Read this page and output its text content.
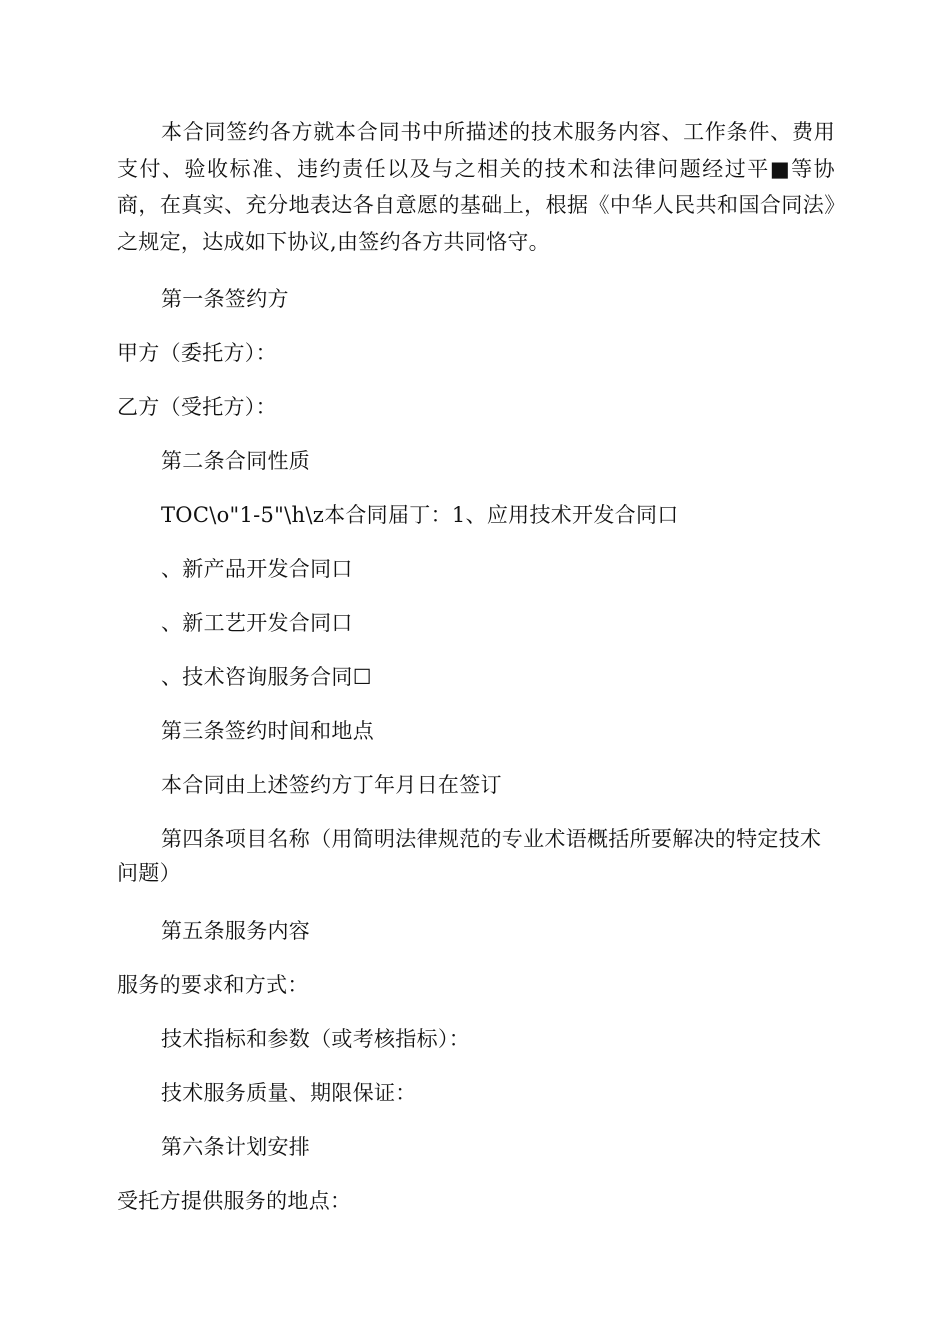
本合同签约各方就本合同书中所描述的技术服务内容、工作条件、费用支付、验收标准、违约责任以及与之相关的技术和法律问题经过平■等协商，在真实、充分地表达各自意愿的基础上，根据《中华人民共和国合同法》之规定，达成如下协议,由签约各方共同恪守。

第一条签约方

甲方（委托方）：

乙方（受托方）：

第二条合同性质

TOC\o"1-5"\h\z本合同届丁：1、应用技术开发合同口

、新产品开发合同口

、新工艺开发合同口

、技术咨询服务合同☐

第三条签约时间和地点

本合同由上述签约方丁年月日在签订

第四条项目名称（用简明法律规范的专业术语概括所要解决的特定技术问题）

第五条服务内容

服务的要求和方式：

技术指标和参数（或考核指标）：

技术服务质量、期限保证：

第六条计划安排

受托方提供服务的地点：
